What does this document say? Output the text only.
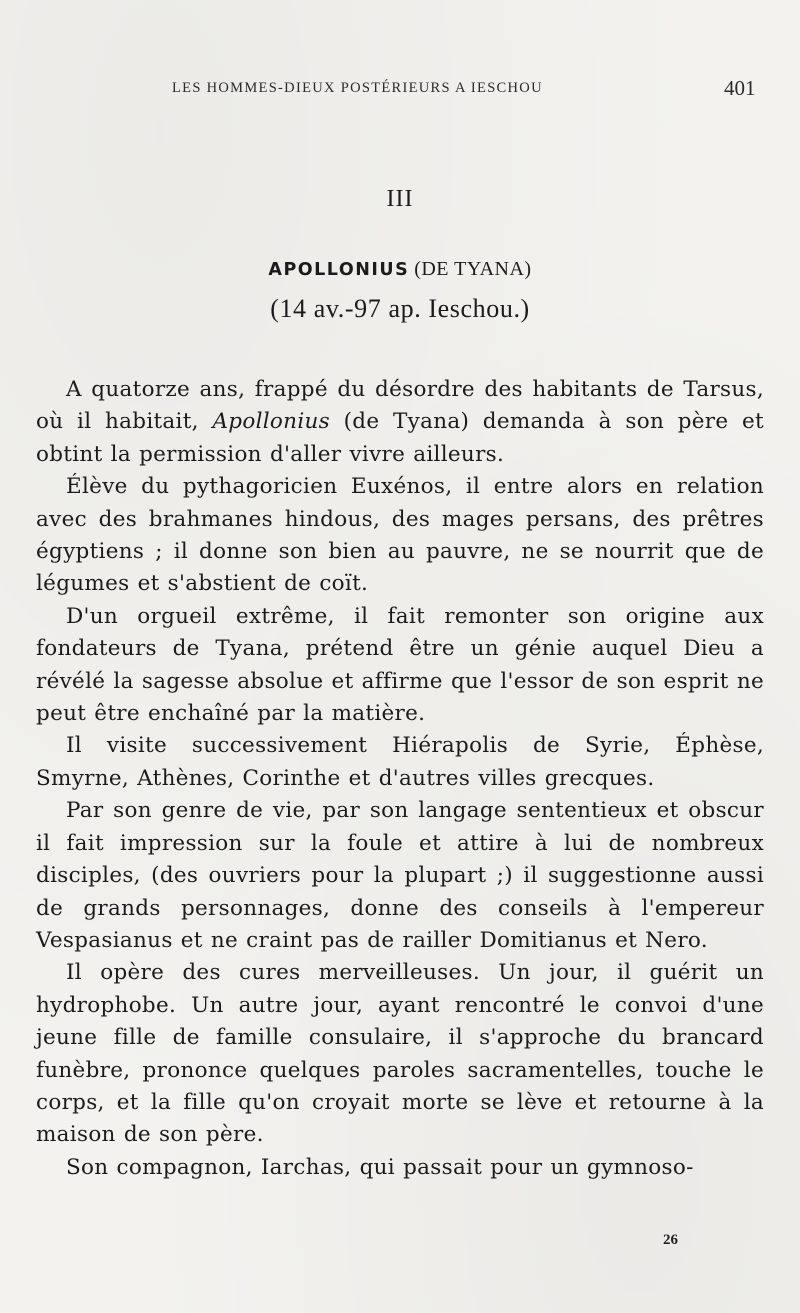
LES HOMMES-DIEUX POSTÉRIEURS A IESCHOU	401
III
APOLLONIUS (DE TYANA)
(14 av.-97 ap. Ieschou.)

A quatorze ans, frappé du désordre des habitants de Tarsus, où il habitait, Apollonius (de Tyana) demanda à son père et obtint la permission d'aller vivre ailleurs.

Élève du pythagoricien Euxénos, il entre alors en relation avec des brahmanes hindous, des mages persans, des prêtres égyptiens ; il donne son bien au pauvre, ne se nourrit que de légumes et s'abstient de coït.

D'un orgueil extrême, il fait remonter son origine aux fondateurs de Tyana, prétend être un génie auquel Dieu a révélé la sagesse absolue et affirme que l'essor de son esprit ne peut être enchaîné par la matière.

Il visite successivement Hiérapolis de Syrie, Éphèse, Smyrne, Athènes, Corinthe et d'autres villes grecques.

Par son genre de vie, par son langage sententieux et obscur il fait impression sur la foule et attire à lui de nombreux disciples, (des ouvriers pour la plupart ;) il suggestionne aussi de grands personnages, donne des conseils à l'empereur Vespasianus et ne craint pas de railler Domitianus et Nero.

Il opère des cures merveilleuses. Un jour, il guérit un hydrophobe. Un autre jour, ayant rencontré le convoi d'une jeune fille de famille consulaire, il s'approche du brancard funèbre, prononce quelques paroles sacramentelles, touche le corps, et la fille qu'on croyait morte se lève et retourne à la maison de son père.

Son compagnon, Iarchas, qui passait pour un gymnoso-

26
